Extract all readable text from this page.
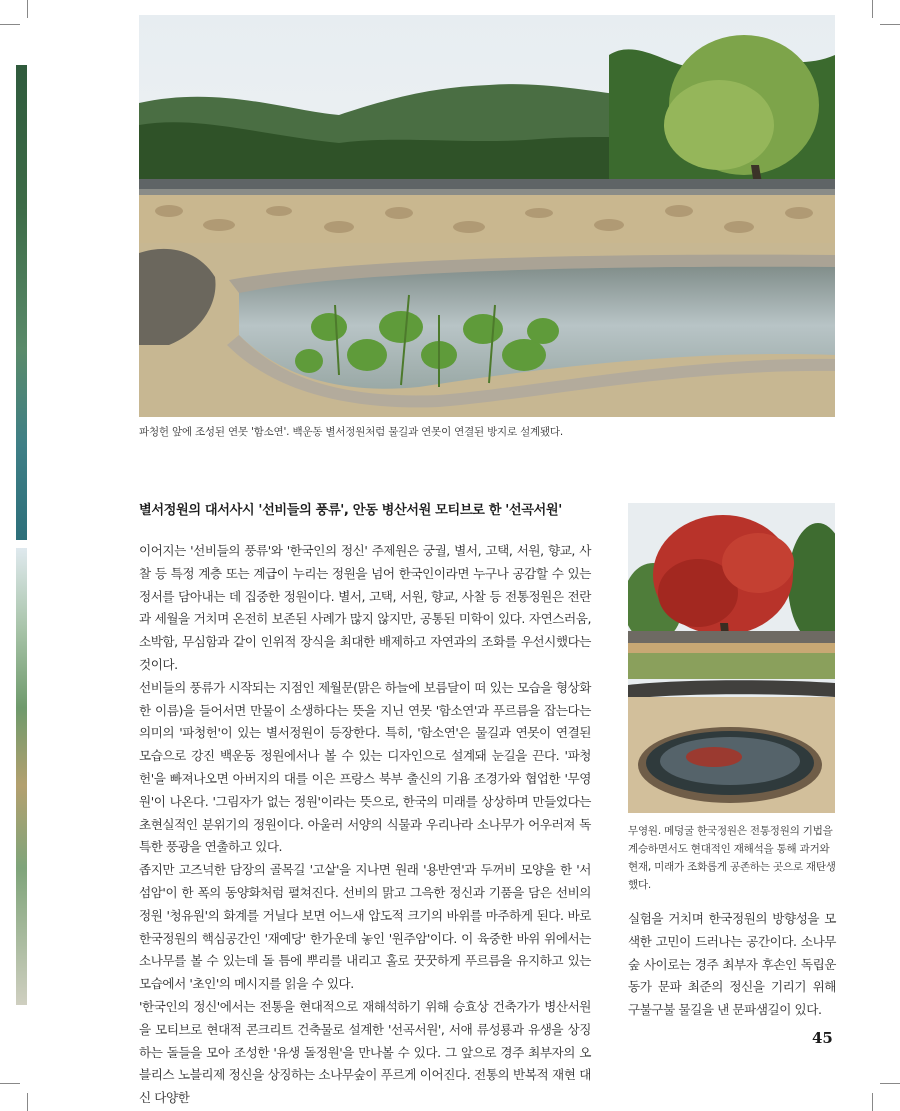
파청헌 앞에 조성된 연못 '함소연'. 백운동 별서정원처럼 물길과 연못이 연결된 방지로 설계됐다.
별서정원의 대서사시 '선비들의 풍류', 안동 병산서원 모티브로 한 '선곡서원'

이어지는 '선비들의 풍류'와 '한국인의 정신' 주제원은 궁궐, 별서, 고택, 서원, 향교, 사찰 등 특정 계층 또는 계급이 누리는 정원을 넘어 한국인이라면 누구나 공감할 수 있는 정서를 담아내는 데 집중한 정원이다. 별서, 고택, 서원, 향교, 사찰 등 전통정원은 전란과 세월을 거치며 온전히 보존된 사례가 많지 않지만, 공통된 미학이 있다. 자연스러움, 소박함, 무심함과 같이 인위적 장식을 최대한 배제하고 자연과의 조화를 우선시했다는 것이다.

선비들의 풍류가 시작되는 지점인 제월문(맑은 하늘에 보름달이 떠 있는 모습을 형상화한 이름)을 들어서면 만물이 소생하다는 뜻을 지닌 연못 '함소연'과 푸르름을 잡는다는 의미의 '파청헌'이 있는 별서정원이 등장한다. 특히, '함소연'은 물길과 연못이 연결된 모습으로 강진 백운동 정원에서나 볼 수 있는 디자인으로 설계돼 눈길을 끈다. '파청헌'을 빠져나오면 아버지의 대를 이은 프랑스 북부 출신의 기욤 조경가와 협업한 '무영원'이 나온다. '그림자가 없는 정원'이라는 뜻으로, 한국의 미래를 상상하며 만들었다는 초현실적인 분위기의 정원이다. 아울러 서양의 식물과 우리나라 소나무가 어우러져 독특한 풍광을 연출하고 있다.

좁지만 고즈넉한 담장의 골목길 '고샅'을 지나면 원래 '용반연'과 두꺼비 모양을 한 '서섬암'이 한 폭의 동양화처럼 펼쳐진다. 선비의 맑고 그윽한 정신과 기품을 담은 선비의 정원 '청유원'의 화계를 거닐다 보면 어느새 압도적 크기의 바위를 마주하게 된다. 바로 한국정원의 핵심공간인 '재예당' 한가운데 놓인 '원주암'이다. 이 육중한 바위 위에서는 소나무를 볼 수 있는데 돌 틈에 뿌리를 내리고 홀로 꿋꿋하게 푸르름을 유지하고 있는 모습에서 '초인'의 메시지를 읽을 수 있다.

'한국인의 정신'에서는 전통을 현대적으로 재해석하기 위해 승효상 건축가가 병산서원을 모티브로 현대적 콘크리트 건축물로 설계한 '선곡서원', 서애 류성룡과 유생을 상징하는 돌들을 모아 조성한 '유생 돌정원'을 만나볼 수 있다. 그 앞으로 경주 최부자의 오블리스 노블리제 정신을 상징하는 소나무숲이 푸르게 이어진다. 전통의 반복적 재현 대신 다양한

무영원. 메덩굴 한국정원은 전통정원의 기법을 계승하면서도 현대적인 재해석을 통해 과거와 현재, 미래가 조화롭게 공존하는 곳으로 재탄생했다.

실험을 거치며 한국정원의 방향성을 모색한 고민이 드러나는 공간이다. 소나무숲 사이로는 경주 최부자 후손인 독립운동가 문파 최준의 정신을 기리기 위해 구불구불 물길을 낸 문파샘길이 있다.

45
